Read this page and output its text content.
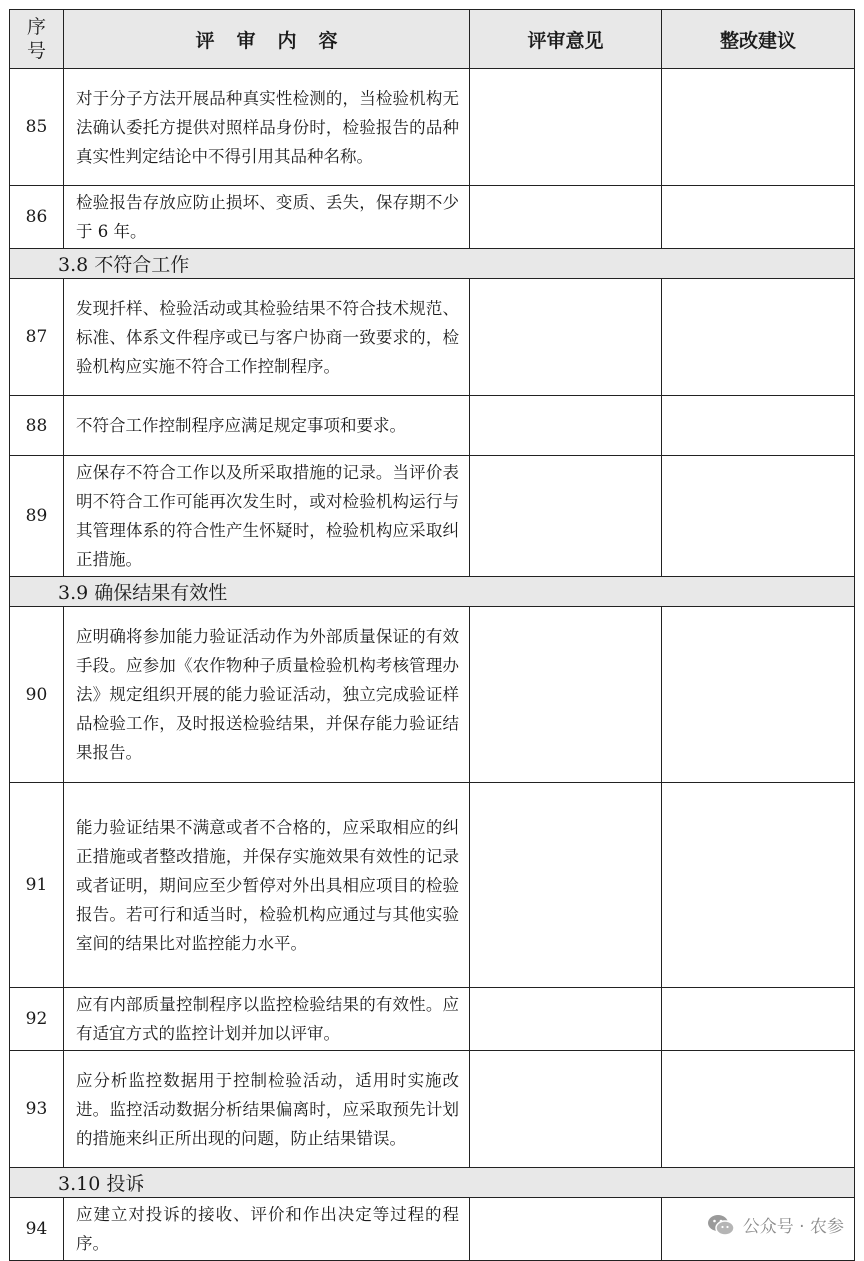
序
号	评审内容	评审意见	整改建议
85	对于分子方法开展品种真实性检测的，当检验机构无法确认委托方提供对照样品身份时，检验报告的品种真实性判定结论中不得引用其品种名称。		
86	检验报告存放应防止损坏、变质、丢失，保存期不少于 6 年。		
3.8 不符合工作			
87	发现扦样、检验活动或其检验结果不符合技术规范、标准、体系文件程序或已与客户协商一致要求的，检验机构应实施不符合工作控制程序。		
88	不符合工作控制程序应满足规定事项和要求。		
89	应保存不符合工作以及所采取措施的记录。当评价表明不符合工作可能再次发生时，或对检验机构运行与其管理体系的符合性产生怀疑时，检验机构应采取纠正措施。		
3.9 确保结果有效性			
90	应明确将参加能力验证活动作为外部质量保证的有效手段。应参加《农作物种子质量检验机构考核管理办法》规定组织开展的能力验证活动，独立完成验证样品检验工作，及时报送检验结果，并保存能力验证结果报告。		
91	能力验证结果不满意或者不合格的，应采取相应的纠正措施或者整改措施，并保存实施效果有效性的记录或者证明，期间应至少暂停对外出具相应项目的检验报告。若可行和适当时，检验机构应通过与其他实验室间的结果比对监控能力水平。		
92	应有内部质量控制程序以监控检验结果的有效性。应有适宜方式的监控计划并加以评审。		
93	应分析监控数据用于控制检验活动，适用时实施改进。监控活动数据分析结果偏离时，应采取预先计划的措施来纠正所出现的问题，防止结果错误。		
3.10 投诉			
94	应建立对投诉的接收、评价和作出决定等过程的程序。		
公众号 · 农参
